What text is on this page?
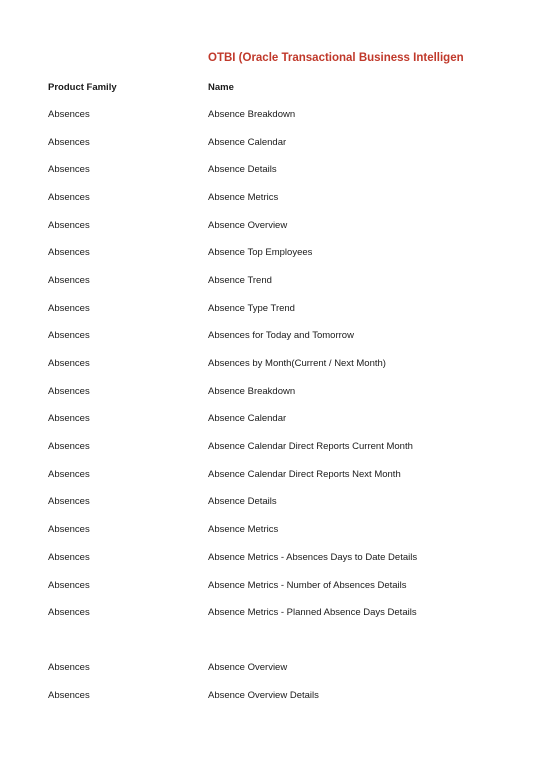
OTBI (Oracle Transactional Business Intelligen
Product Family	Name
Absences	Absence Breakdown
Absences	Absence Calendar
Absences	Absence Details
Absences	Absence Metrics
Absences	Absence Overview
Absences	Absence Top Employees
Absences	Absence Trend
Absences	Absence Type Trend
Absences	Absences for Today and Tomorrow
Absences	Absences by Month(Current / Next Month)
Absences	Absence Breakdown
Absences	Absence Calendar
Absences	Absence Calendar Direct Reports Current Month
Absences	Absence Calendar Direct Reports Next Month
Absences	Absence Details
Absences	Absence Metrics
Absences	Absence Metrics - Absences Days to Date Details
Absences	Absence Metrics - Number of Absences Details
Absences	Absence Metrics - Planned Absence Days Details
Absences	Absence Overview
Absences	Absence Overview Details
